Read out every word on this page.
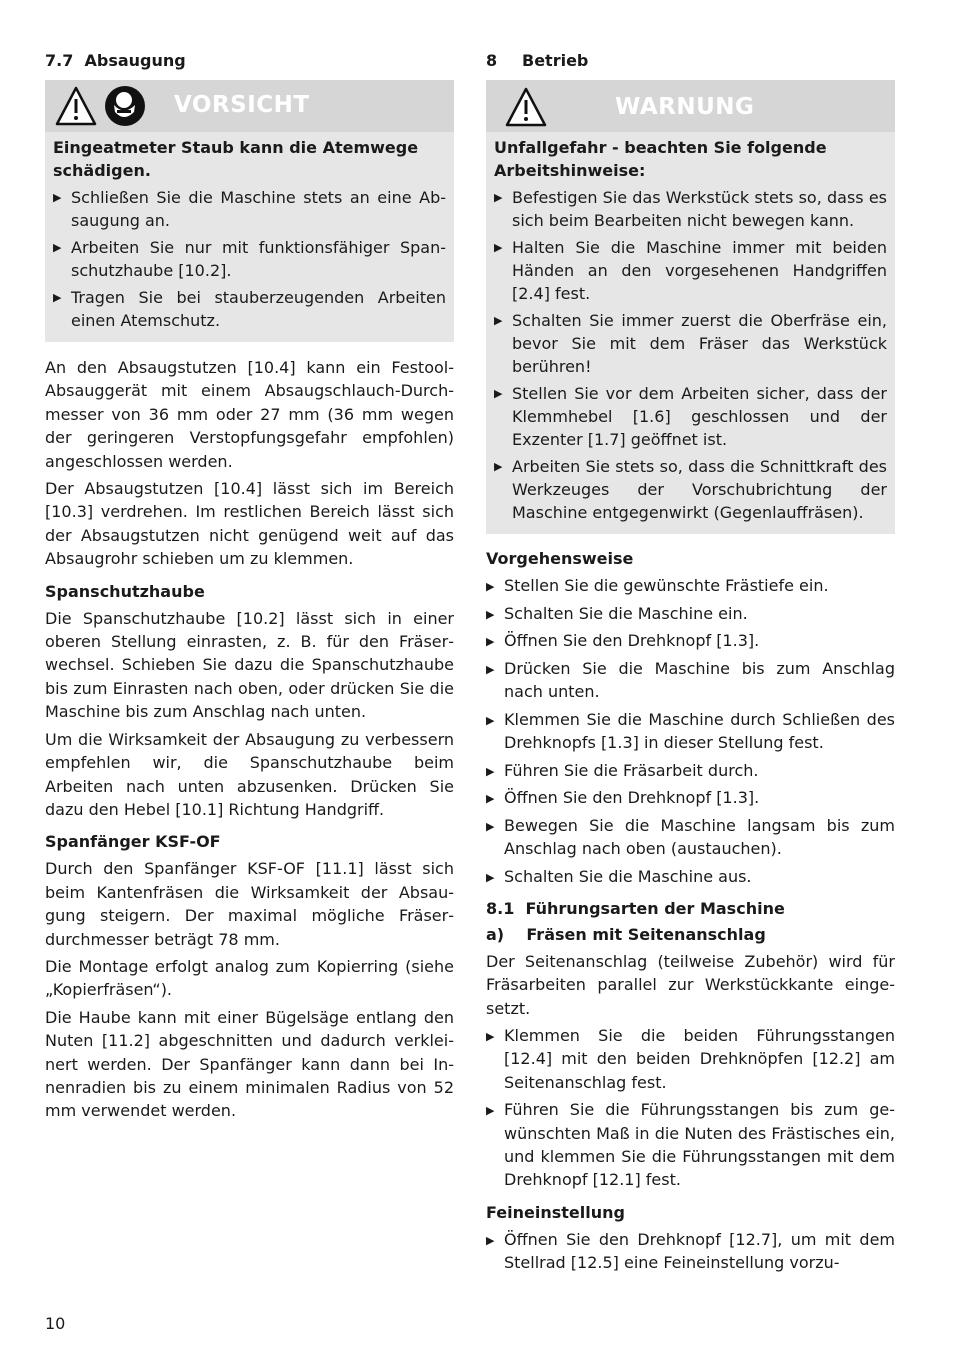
7.7 Absaugung
VORSICHT
Eingeatmeter Staub kann die Atemwege schädigen.
▶ Schließen Sie die Maschine stets an eine Absaugung an.
▶ Arbeiten Sie nur mit funktionsfähiger Spanschutzhaube [10.2].
▶ Tragen Sie bei stauberzeugenden Arbeiten einen Atemschutz.

An den Absaugstutzen [10.4] kann ein Festool-Absauggerät mit einem Absaugschlauch-Durchmesser von 36 mm oder 27 mm (36 mm wegen der geringeren Verstopfungsgefahr empfohlen) angeschlossen werden.

Der Absaugstutzen [10.4] lässt sich im Bereich [10.3] verdrehen. Im restlichen Bereich lässt sich der Absaugstutzen nicht genügend weit auf das Absaugrohr schieben um zu klemmen.

Spanschutzhaube

Die Spanschutzhaube [10.2] lässt sich in einer oberen Stellung einrasten, z. B. für den Fräserwechsel. Schieben Sie dazu die Spanschutzhaube bis zum Einrasten nach oben, oder drücken Sie die Maschine bis zum Anschlag nach unten.

Um die Wirksamkeit der Absaugung zu verbessern empfehlen wir, die Spanschutzhaube beim Arbeiten nach unten abzusenken. Drücken Sie dazu den Hebel [10.1] Richtung Handgriff.

Spanfänger KSF-OF

Durch den Spanfänger KSF-OF [11.1] lässt sich beim Kantenfräsen die Wirksamkeit der Absaugung steigern. Der maximal mögliche Fräserdurchmesser beträgt 78 mm.

Die Montage erfolgt analog zum Kopierring (siehe „Kopierfräsen“).

Die Haube kann mit einer Bügelsäge entlang den Nuten [11.2] abgeschnitten und dadurch verkleinert werden. Der Spanfänger kann dann bei Innenradien bis zu einem minimalen Radius von 52 mm verwendet werden.

8 Betrieb
WARNUNG
Unfallgefahr - beachten Sie folgende Arbeitshinweise:
▶ Befestigen Sie das Werkstück stets so, dass es sich beim Bearbeiten nicht bewegen kann.
▶ Halten Sie die Maschine immer mit beiden Händen an den vorgesehenen Handgriffen [2.4] fest.
▶ Schalten Sie immer zuerst die Oberfräse ein, bevor Sie mit dem Fräser das Werkstück berühren!
▶ Stellen Sie vor dem Arbeiten sicher, dass der Klemmhebel [1.6] geschlossen und der Exzenter [1.7] geöffnet ist.
▶ Arbeiten Sie stets so, dass die Schnittkraft des Werkzeuges der Vorschubrichtung der Maschine entgegenwirkt (Gegenlauffräsen).
Vorgehensweise
▶ Stellen Sie die gewünschte Frästiefe ein.
▶ Schalten Sie die Maschine ein.
▶ Öffnen Sie den Drehknopf [1.3].
▶ Drücken Sie die Maschine bis zum Anschlag nach unten.
▶ Klemmen Sie die Maschine durch Schließen des Drehknopfs [1.3] in dieser Stellung fest.
▶ Führen Sie die Fräsarbeit durch.
▶ Öffnen Sie den Drehknopf [1.3].
▶ Bewegen Sie die Maschine langsam bis zum Anschlag nach oben (austauchen).
▶ Schalten Sie die Maschine aus.
8.1  Führungsarten der Maschine
a)    Fräsen mit Seitenanschlag

Der Seitenanschlag (teilweise Zubehör) wird für Fräsarbeiten parallel zur Werkstückkante eingesetzt.

▶ Klemmen Sie die beiden Führungsstangen [12.4] mit den beiden Drehknöpfen [12.2] am Seitenanschlag fest.
▶ Führen Sie die Führungsstangen bis zum gewünschten Maß in die Nuten des Frästisches ein, und klemmen Sie die Führungsstangen mit dem Drehknopf [12.1] fest.
Feineinstellung
▶ Öffnen Sie den Drehknopf [12.7], um mit dem Stellrad [12.5] eine Feineinstellung vorzu-
10
